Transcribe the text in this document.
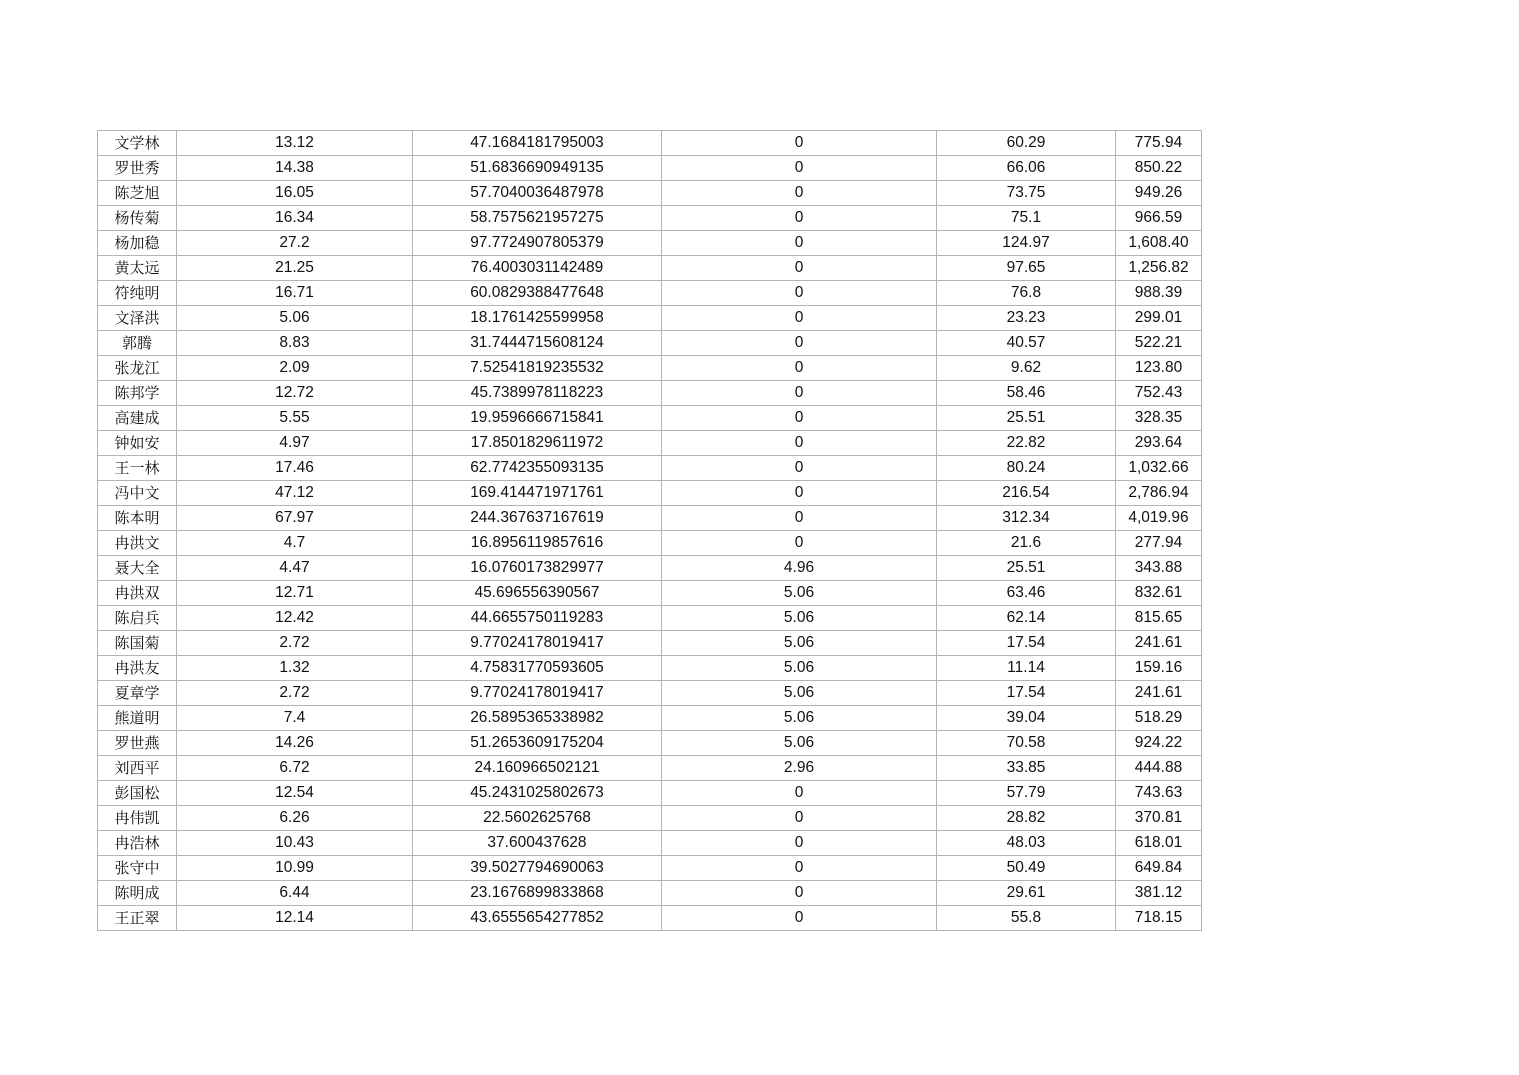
文学林	13.12	47.1684181795003	0	60.29	775.94
罗世秀	14.38	51.6836690949135	0	66.06	850.22
陈芝旭	16.05	57.7040036487978	0	73.75	949.26
杨传菊	16.34	58.7575621957275	0	75.1	966.59
杨加稳	27.2	97.7724907805379	0	124.97	1,608.40
黄太远	21.25	76.4003031142489	0	97.65	1,256.82
符纯明	16.71	60.0829388477648	0	76.8	988.39
文泽洪	5.06	18.1761425599958	0	23.23	299.01
郭腾	8.83	31.7444715608124	0	40.57	522.21
张龙江	2.09	7.52541819235532	0	9.62	123.80
陈邦学	12.72	45.7389978118223	0	58.46	752.43
高建成	5.55	19.9596666715841	0	25.51	328.35
钟如安	4.97	17.8501829611972	0	22.82	293.64
王一林	17.46	62.7742355093135	0	80.24	1,032.66
冯中文	47.12	169.414471971761	0	216.54	2,786.94
陈本明	67.97	244.367637167619	0	312.34	4,019.96
冉洪文	4.7	16.8956119857616	0	21.6	277.94
聂大全	4.47	16.0760173829977	4.96	25.51	343.88
冉洪双	12.71	45.696556390567	5.06	63.46	832.61
陈启兵	12.42	44.6655750119283	5.06	62.14	815.65
陈国菊	2.72	9.77024178019417	5.06	17.54	241.61
冉洪友	1.32	4.75831770593605	5.06	11.14	159.16
夏章学	2.72	9.77024178019417	5.06	17.54	241.61
熊道明	7.4	26.5895365338982	5.06	39.04	518.29
罗世燕	14.26	51.2653609175204	5.06	70.58	924.22
刘西平	6.72	24.160966502121	2.96	33.85	444.88
彭国松	12.54	45.2431025802673	0	57.79	743.63
冉伟凯	6.26	22.5602625768	0	28.82	370.81
冉浩林	10.43	37.600437628	0	48.03	618.01
张守中	10.99	39.5027794690063	0	50.49	649.84
陈明成	6.44	23.1676899833868	0	29.61	381.12
王正翠	12.14	43.6555654277852	0	55.8	718.15
